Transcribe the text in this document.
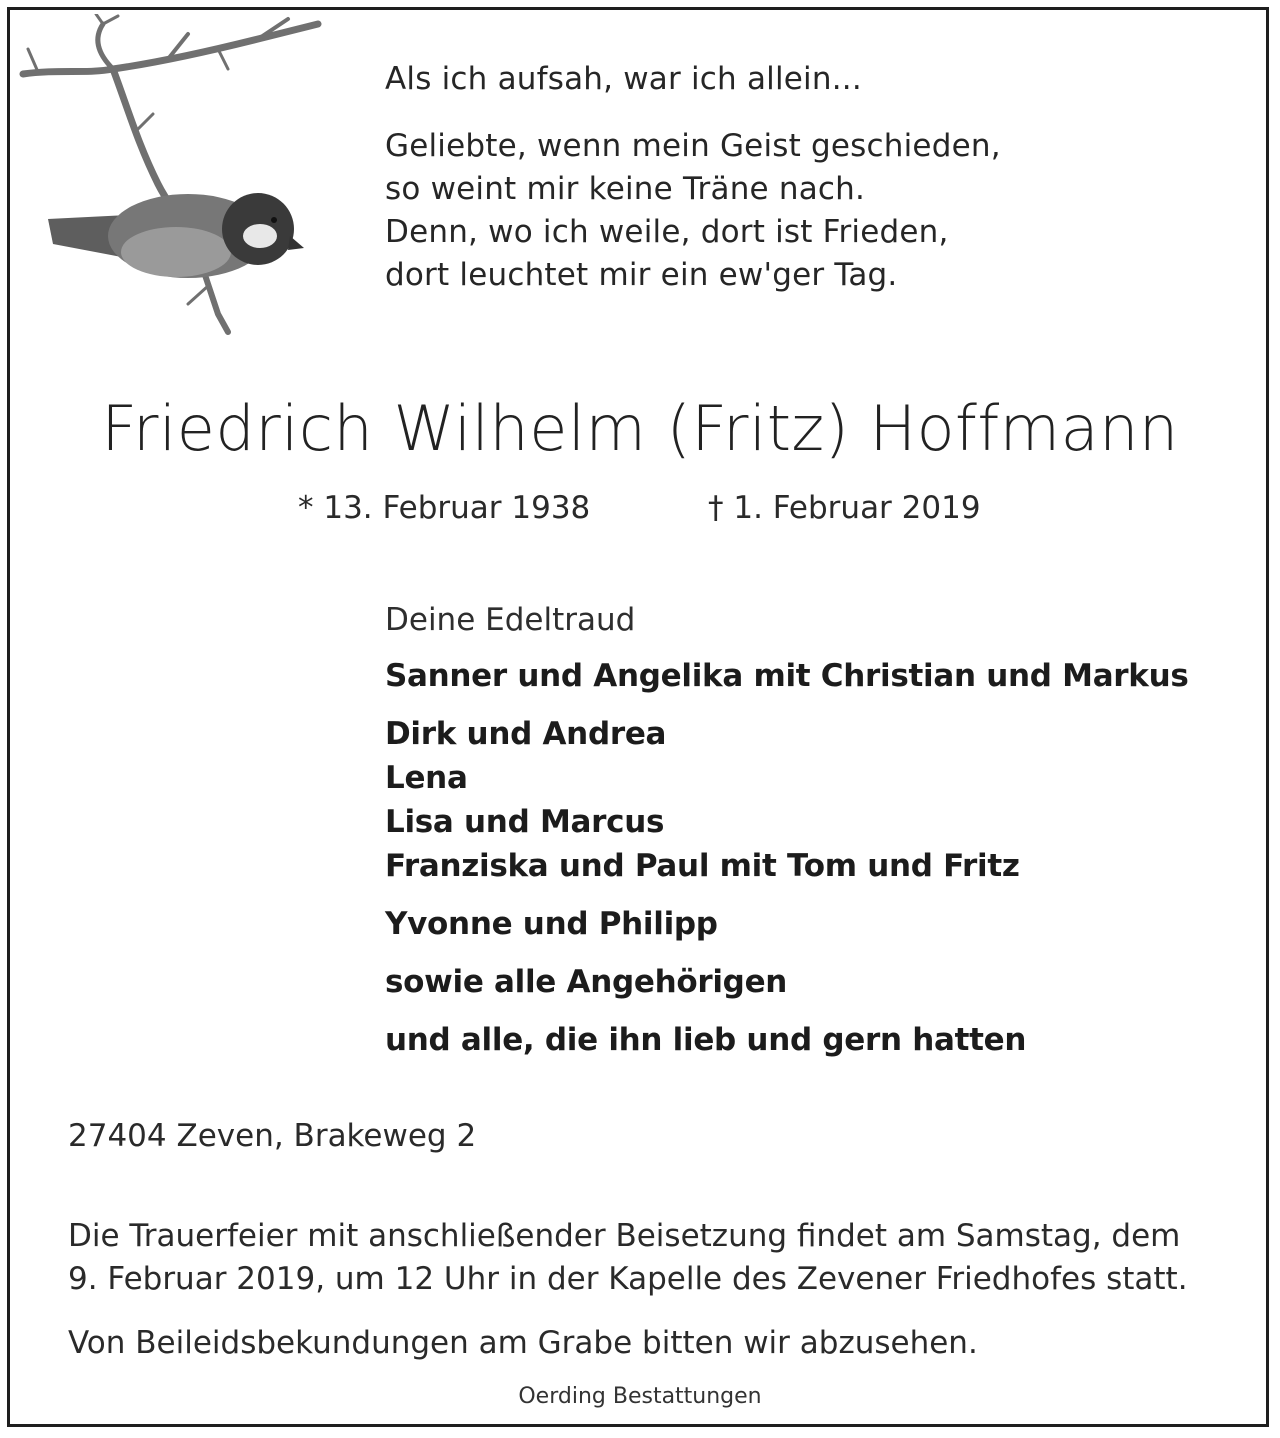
Als ich aufsah, war ich allein...

Geliebte, wenn mein Geist geschieden,

so weint mir keine Träne nach.

Denn, wo ich weile, dort ist Frieden,

dort leuchtet mir ein ew'ger Tag.

Friedrich Wilhelm (Fritz) Hoffmann
* 13. Februar 1938	† 1. Februar 2019

Deine Edeltraud

Sanner und Angelika mit Christian und Markus

Dirk und Andrea

Lena

Lisa und Marcus

Franziska und Paul mit Tom und Fritz

Yvonne und Philipp

sowie alle Angehörigen

und alle, die ihn lieb und gern hatten

27404 Zeven, Brakeweg 2

Die Trauerfeier mit anschließender Beisetzung findet am Samstag, dem 9. Februar 2019, um 12 Uhr in der Kapelle des Zevener Friedhofes statt.

Von Beileidsbekundungen am Grabe bitten wir abzusehen.

Oerding Bestattungen
